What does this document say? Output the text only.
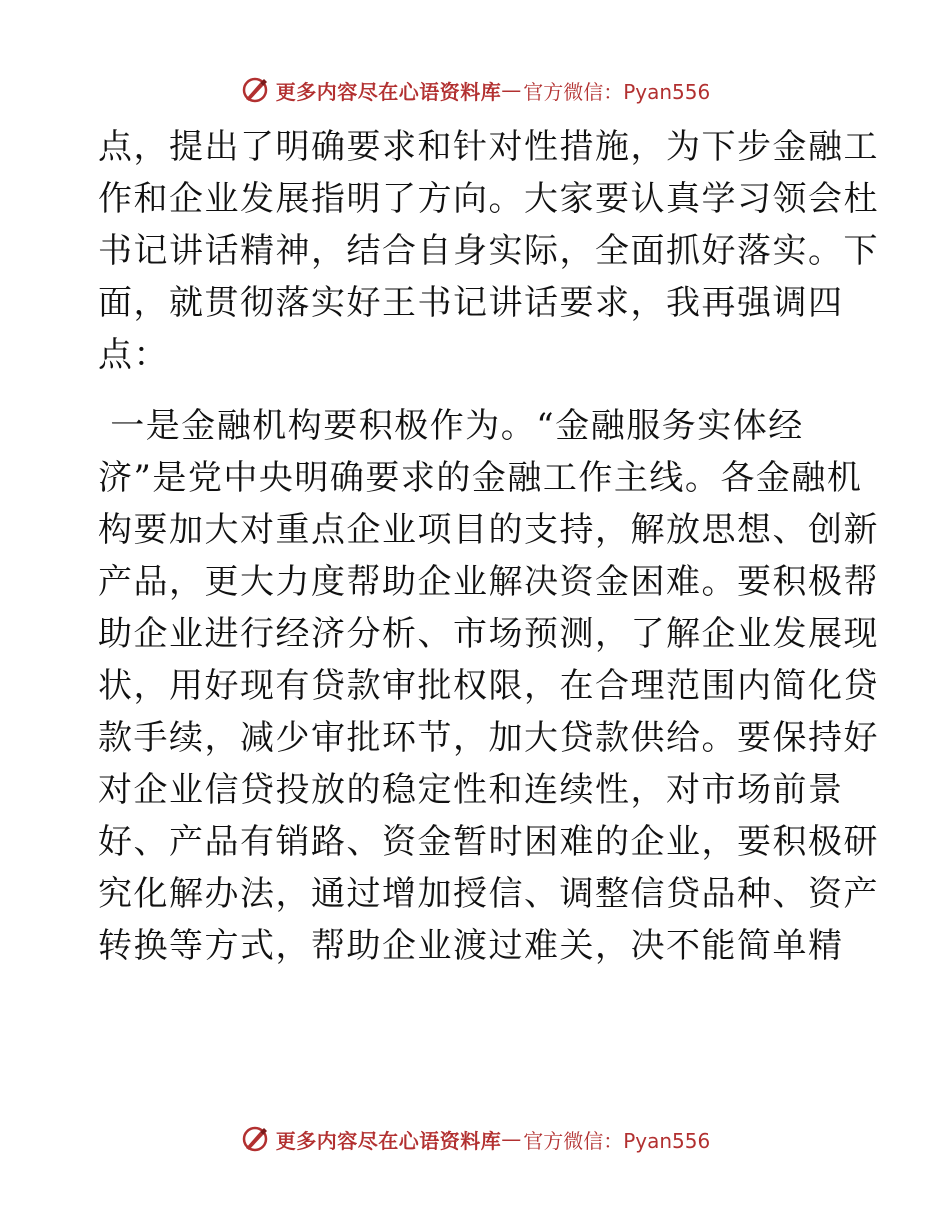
更多内容尽在心语资料库 — 官方微信：Pyan556
点，提出了明确要求和针对性措施，为下步金融工
作和企业发展指明了方向。大家要认真学习领会杜
书记讲话精神，结合自身实际，全面抓好落实。下
面，就贯彻落实好王书记讲话要求，我再强调四
点：
一是金融机构要积极作为。“金融服务实体经
济”是党中央明确要求的金融工作主线。各金融机
构要加大对重点企业项目的支持，解放思想、创新
产品，更大力度帮助企业解决资金困难。要积极帮
助企业进行经济分析、市场预测，了解企业发展现
状，用好现有贷款审批权限，在合理范围内简化贷
款手续，减少审批环节，加大贷款供给。要保持好
对企业信贷投放的稳定性和连续性，对市场前景
好、产品有销路、资金暂时困难的企业，要积极研
究化解办法，通过增加授信、调整信贷品种、资产
转换等方式，帮助企业渡过难关，决不能简单精
更多内容尽在心语资料库 — 官方微信：Pyan556
